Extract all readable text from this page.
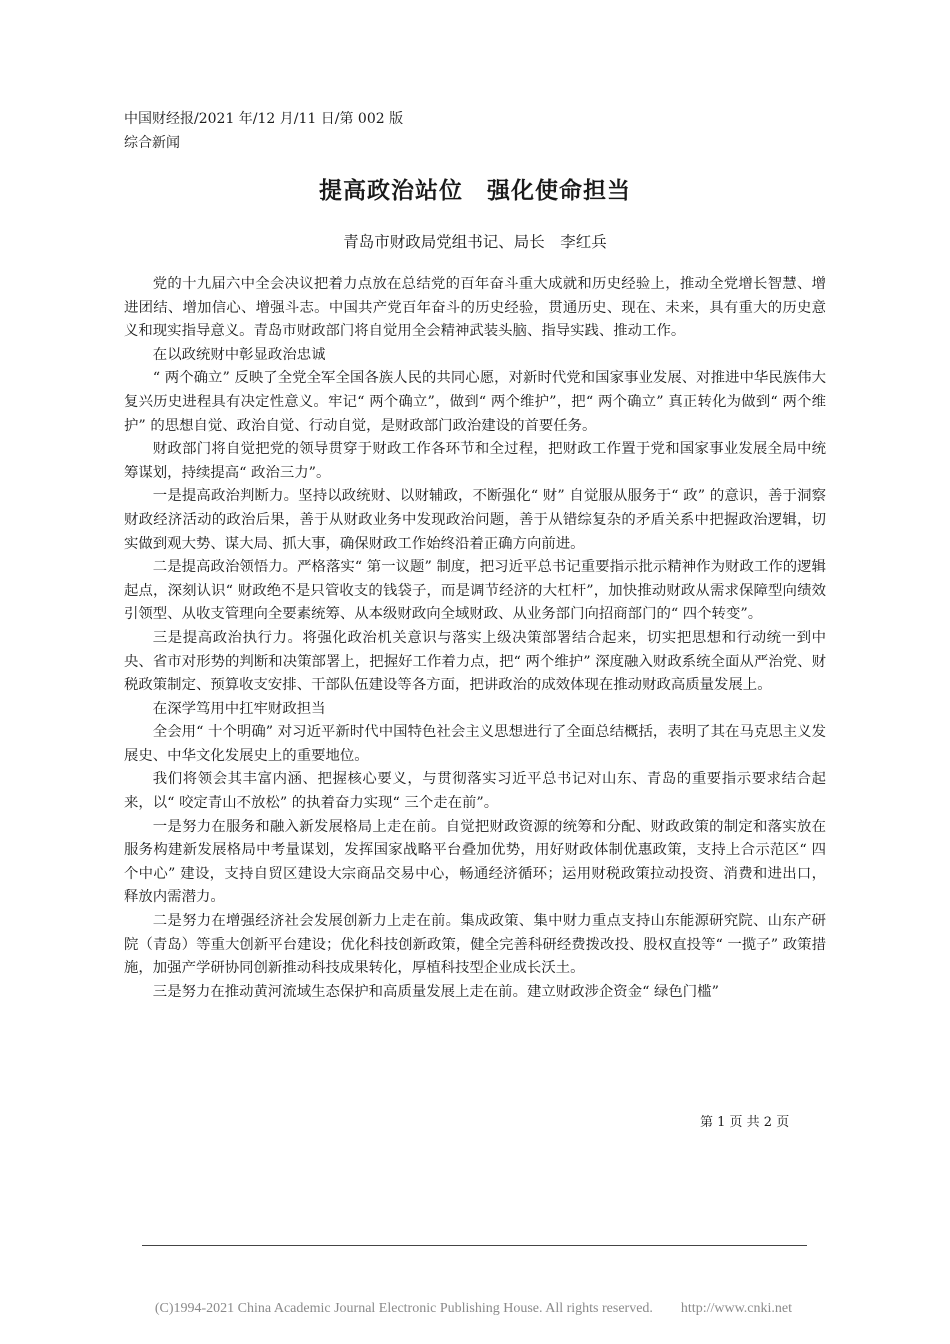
中国财经报/2021 年/12 月/11 日/第 002 版综合新闻
提高政治站位　强化使命担当
青岛市财政局党组书记、局长　李红兵

党的十九届六中全会决议把着力点放在总结党的百年奋斗重大成就和历史经验上，推动全党增长智慧、增进团结、增加信心、增强斗志。中国共产党百年奋斗的历史经验，贯通历史、现在、未来，具有重大的历史意义和现实指导意义。青岛市财政部门将自觉用全会精神武装头脑、指导实践、推动工作。

在以政统财中彰显政治忠诚

“ 两个确立” 反映了全党全军全国各族人民的共同心愿，对新时代党和国家事业发展、对推进中华民族伟大复兴历史进程具有决定性意义。牢记“ 两个确立”，做到“ 两个维护”，把“ 两个确立” 真正转化为做到“ 两个维护” 的思想自觉、政治自觉、行动自觉，是财政部门政治建设的首要任务。

财政部门将自觉把党的领导贯穿于财政工作各环节和全过程，把财政工作置于党和国家事业发展全局中统筹谋划，持续提高“ 政治三力”。

一是提高政治判断力。坚持以政统财、以财辅政，不断强化“ 财” 自觉服从服务于“ 政” 的意识，善于洞察财政经济活动的政治后果，善于从财政业务中发现政治问题，善于从错综复杂的矛盾关系中把握政治逻辑，切实做到观大势、谋大局、抓大事，确保财政工作始终沿着正确方向前进。

二是提高政治领悟力。严格落实“ 第一议题” 制度，把习近平总书记重要指示批示精神作为财政工作的逻辑起点，深刻认识“ 财政绝不是只管收支的钱袋子，而是调节经济的大杠杆”，加快推动财政从需求保障型向绩效引领型、从收支管理向全要素统筹、从本级财政向全域财政、从业务部门向招商部门的“ 四个转变”。

三是提高政治执行力。将强化政治机关意识与落实上级决策部署结合起来，切实把思想和行动统一到中央、省市对形势的判断和决策部署上，把握好工作着力点，把“ 两个维护” 深度融入财政系统全面从严治党、财税政策制定、预算收支安排、干部队伍建设等各方面，把讲政治的成效体现在推动财政高质量发展上。

在深学笃用中扛牢财政担当

全会用“ 十个明确” 对习近平新时代中国特色社会主义思想进行了全面总结概括，表明了其在马克思主义发展史、中华文化发展史上的重要地位。

我们将领会其丰富内涵、把握核心要义，与贯彻落实习近平总书记对山东、青岛的重要指示要求结合起来，以“ 咬定青山不放松” 的执着奋力实现“ 三个走在前”。

一是努力在服务和融入新发展格局上走在前。自觉把财政资源的统筹和分配、财政政策的制定和落实放在服务构建新发展格局中考量谋划，发挥国家战略平台叠加优势，用好财政体制优惠政策，支持上合示范区“ 四个中心” 建设，支持自贸区建设大宗商品交易中心，畅通经济循环；运用财税政策拉动投资、消费和进出口，释放内需潜力。

二是努力在增强经济社会发展创新力上走在前。集成政策、集中财力重点支持山东能源研究院、山东产研院（青岛）等重大创新平台建设；优化科技创新政策，健全完善科研经费拨改投、股权直投等“ 一揽子” 政策措施，加强产学研协同创新推动科技成果转化，厚植科技型企业成长沃土。

三是努力在推动黄河流域生态保护和高质量发展上走在前。建立财政涉企资金“ 绿色门槛”

第 1 页 共 2 页
(C)1994-2021 China Academic Journal Electronic Publishing House. All rights reserved.　　http://www.cnki.net
